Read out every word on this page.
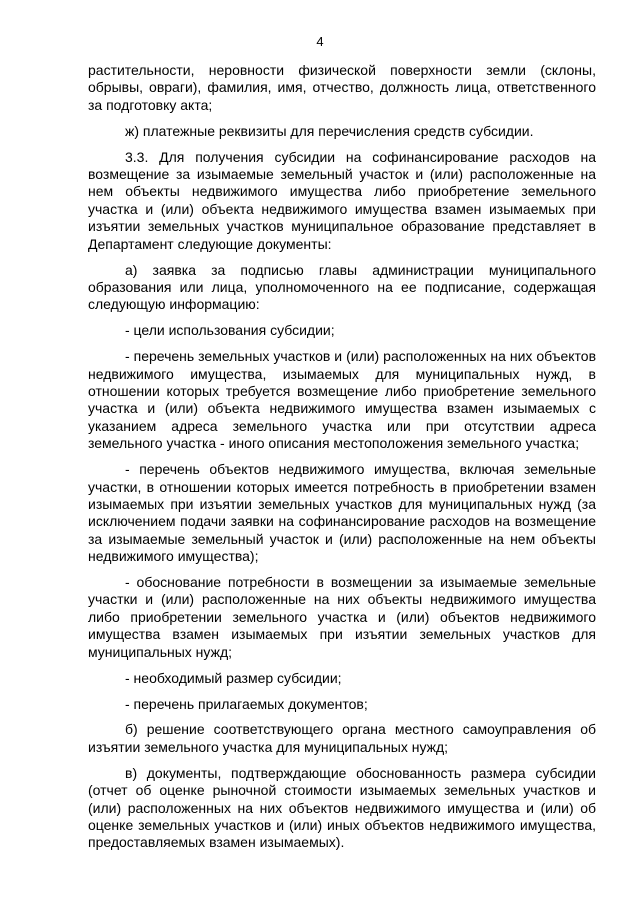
4

растительности, неровности физической поверхности земли (склоны, обрывы, овраги), фамилия, имя, отчество, должность лица, ответственного за подготовку акта;

ж) платежные реквизиты для перечисления средств субсидии.

3.3. Для получения субсидии на софинансирование расходов на возмещение за изымаемые земельный участок и (или) расположенные на нем объекты недвижимого имущества либо приобретение земельного участка и (или) объекта недвижимого имущества взамен изымаемых при изъятии земельных участков муниципальное образование представляет в Департамент следующие документы:

а) заявка за подписью главы администрации муниципального образования или лица, уполномоченного на ее подписание, содержащая следующую информацию:

- цели использования субсидии;

- перечень земельных участков и (или) расположенных на них объектов недвижимого имущества, изымаемых для муниципальных нужд, в отношении которых требуется возмещение либо приобретение земельного участка и (или) объекта недвижимого имущества взамен изымаемых с указанием адреса земельного участка или при отсутствии адреса земельного участка - иного описания местоположения земельного участка;

- перечень объектов недвижимого имущества, включая земельные участки, в отношении которых имеется потребность в приобретении взамен изымаемых при изъятии земельных участков для муниципальных нужд (за исключением подачи заявки на софинансирование расходов на возмещение за изымаемые земельный участок и (или) расположенные на нем объекты недвижимого имущества);

- обоснование потребности в возмещении за изымаемые земельные участки и (или) расположенные на них объекты недвижимого имущества либо приобретении земельного участка и (или) объектов недвижимого имущества взамен изымаемых при изъятии земельных участков для муниципальных нужд;

- необходимый размер субсидии;

- перечень прилагаемых документов;

б) решение соответствующего органа местного самоуправления об изъятии земельного участка для муниципальных нужд;

в) документы, подтверждающие обоснованность размера субсидии (отчет об оценке рыночной стоимости изымаемых земельных участков и (или) расположенных на них объектов недвижимого имущества и (или) об оценке земельных участков и (или) иных объектов недвижимого имущества, предоставляемых взамен изымаемых).
